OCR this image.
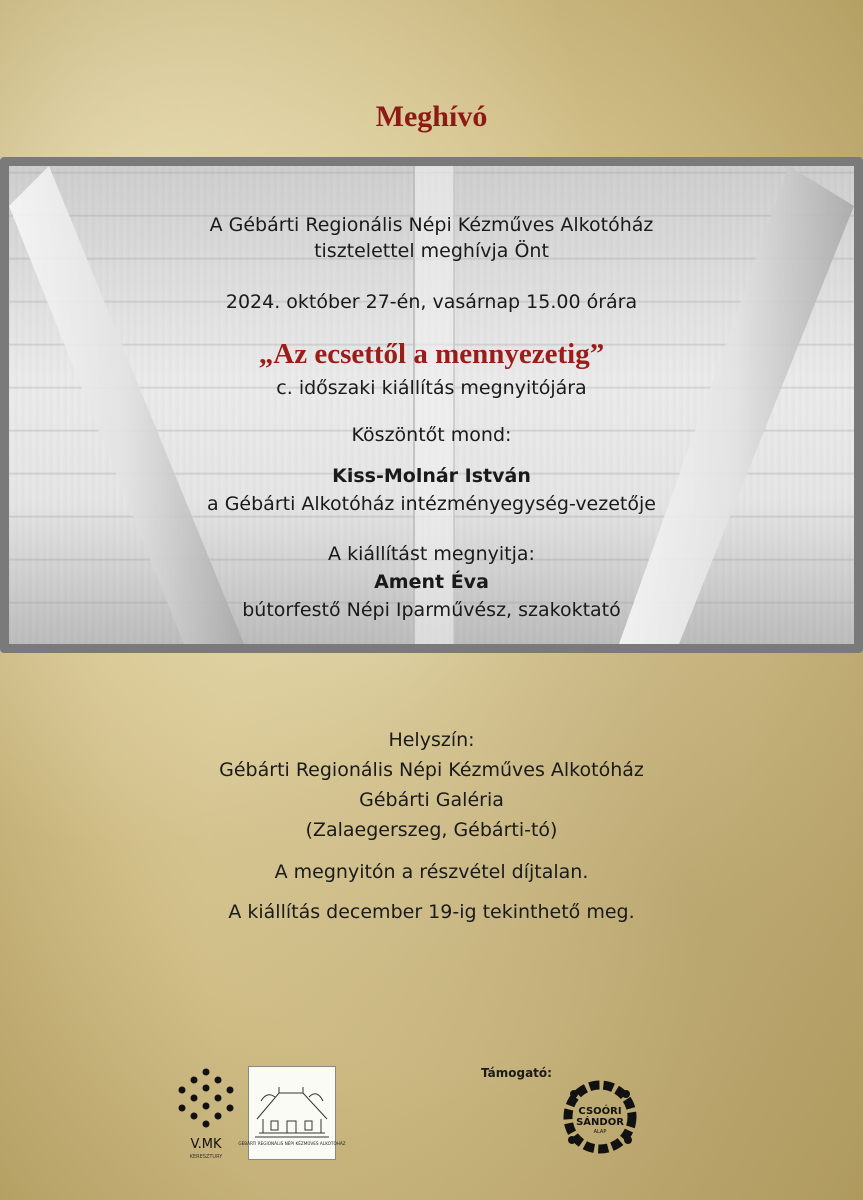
Meghívó
A Gébárti Regionális Népi Kézműves Alkotóház
tisztelettel meghívja Önt
2024. október 27-én, vasárnap 15.00 órára
„Az ecsettől a mennyezetig”
c. időszaki kiállítás megnyitójára
Köszöntőt mond:
Kiss-Molnár István
a Gébárti Alkotóház intézményegység-vezetője
A kiállítást megnyitja:
Ament Éva
bútorfestő Népi Iparművész, szakoktató
Helyszín:
Gébárti Regionális Népi Kézműves Alkotóház
Gébárti Galéria
(Zalaegerszeg, Gébárti-tó)
A megnyitón a részvétel díjtalan.
A kiállítás december 19-ig tekinthető meg.
V.MK
KERESZTURY
GÉBÁRTI REGIONÁLIS NÉPI KÉZMŰVES ALKOTÓHÁZ
Támogató:
CSOÓRI
SÁNDOR
ALAP
